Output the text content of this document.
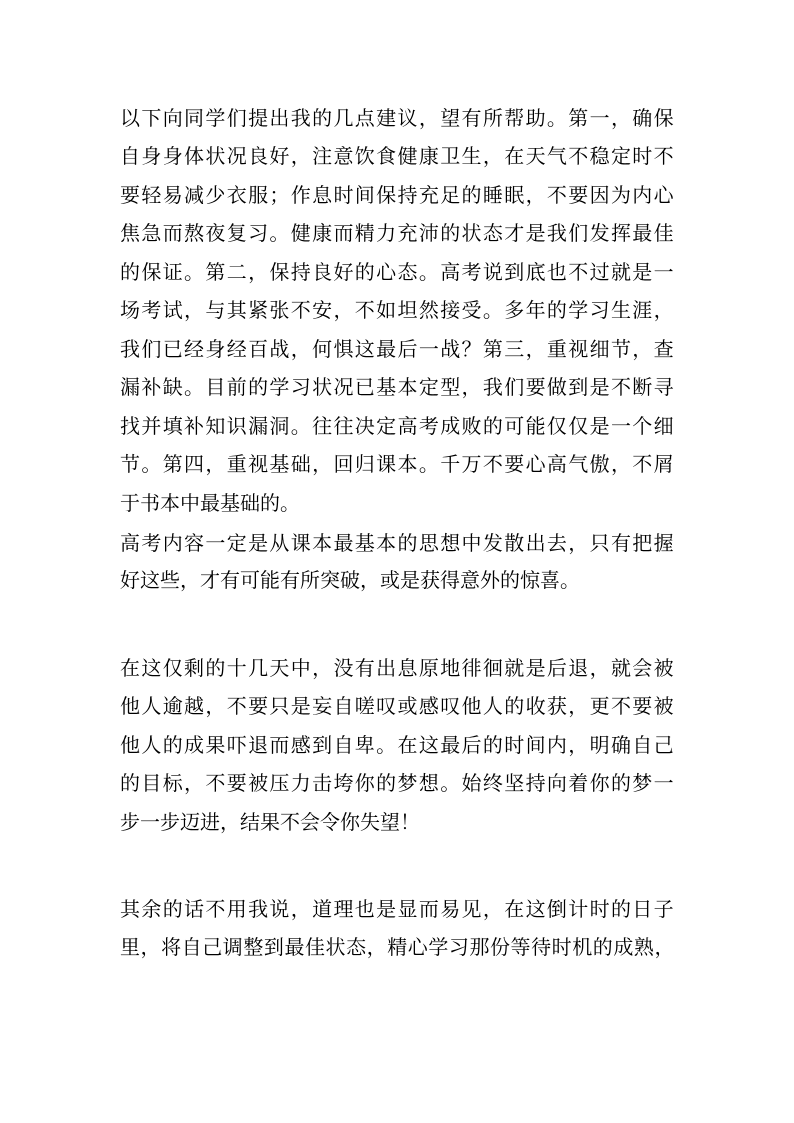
以下向同学们提出我的几点建议，望有所帮助。第一，确保
自身身体状况良好，注意饮食健康卫生，在天气不稳定时不
要轻易减少衣服；作息时间保持充足的睡眠，不要因为内心
焦急而熬夜复习。健康而精力充沛的状态才是我们发挥最佳
的保证。第二，保持良好的心态。高考说到底也不过就是一
场考试，与其紧张不安，不如坦然接受。多年的学习生涯，
我们已经身经百战，何惧这最后一战？第三，重视细节，查
漏补缺。目前的学习状况已基本定型，我们要做到是不断寻
找并填补知识漏洞。往往决定高考成败的可能仅仅是一个细
节。第四，重视基础，回归课本。千万不要心高气傲，不屑
于书本中最基础的。
高考内容一定是从课本最基本的思想中发散出去，只有把握
好这些，才有可能有所突破，或是获得意外的惊喜。
在这仅剩的十几天中，没有出息原地徘徊就是后退，就会被
他人逾越，不要只是妄自嗟叹或感叹他人的收获，更不要被
他人的成果吓退而感到自卑。在这最后的时间内，明确自己
的目标，不要被压力击垮你的梦想。始终坚持向着你的梦一
步一步迈进，结果不会令你失望！
其余的话不用我说，道理也是显而易见，在这倒计时的日子
里，将自己调整到最佳状态，精心学习那份等待时机的成熟，
